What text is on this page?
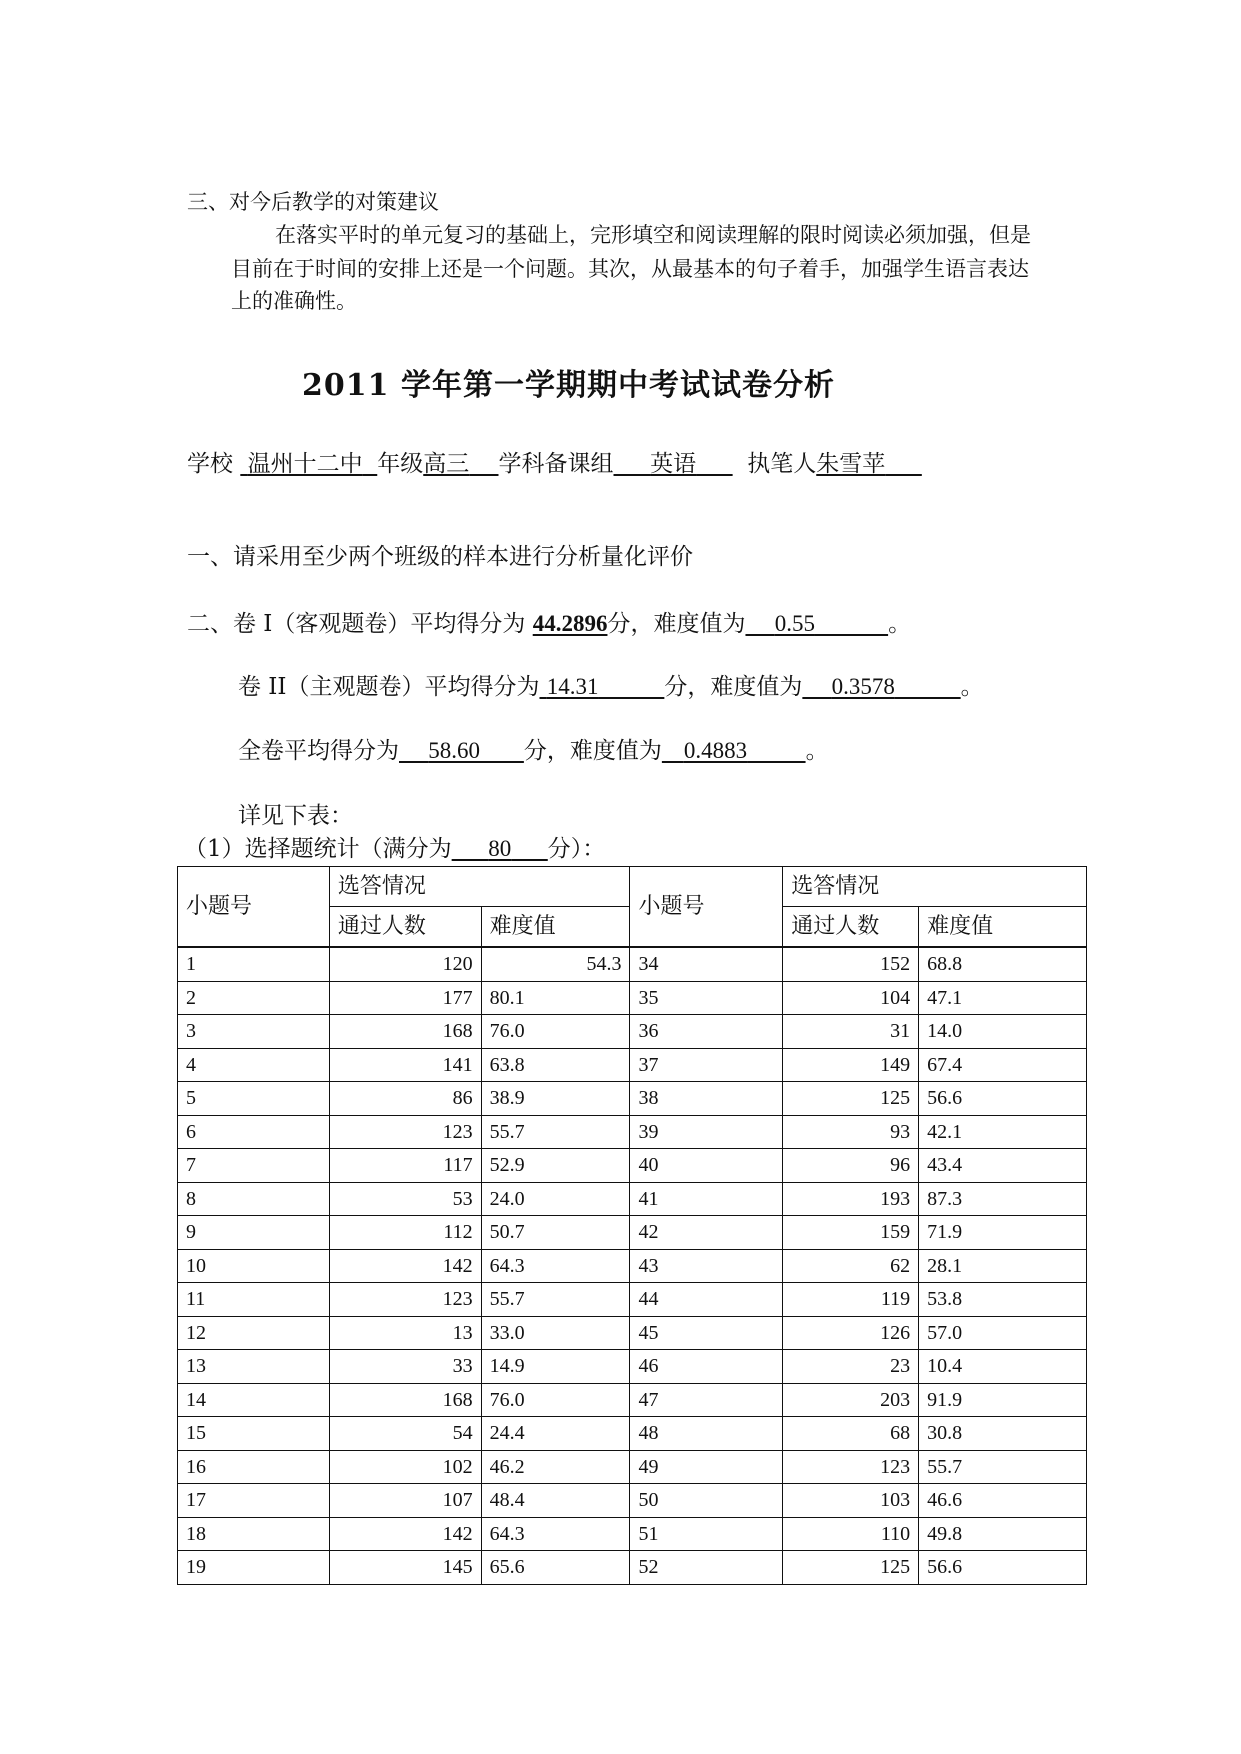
三、对今后教学的对策建议
在落实平时的单元复习的基础上，完形填空和阅读理解的限时阅读必须加强，但是
目前在于时间的安排上还是一个问题。其次，从最基本的句子着手，加强学生语言表达
上的准确性。
2011 学年第一学期期中考试试卷分析
学校 温州十二中 年级高三 学科备课组 英语 执笔人朱雪苹
一、请采用至少两个班级的样本进行分析量化评价
二、卷 I（客观题卷）平均得分为 44.2896分，难度值为 0.55	。
卷 II（主观题卷）平均得分为 14.31	分，难度值为 0.3578	。
全卷平均得分为 58.60 分，难度值为 0.4883	。
详见下表：
（1）选择题统计（满分为 80 分）：
小题号	选答情况		小题号	选答情况	
	通过人数	难度值		通过人数	难度值
1	120	54.3	34	152	68.8
2	177	80.1	35	104	47.1
3	168	76.0	36	31	14.0
4	141	63.8	37	149	67.4
5	86	38.9	38	125	56.6
6	123	55.7	39	93	42.1
7	117	52.9	40	96	43.4
8	53	24.0	41	193	87.3
9	112	50.7	42	159	71.9
10	142	64.3	43	62	28.1
11	123	55.7	44	119	53.8
12	13	33.0	45	126	57.0
13	33	14.9	46	23	10.4
14	168	76.0	47	203	91.9
15	54	24.4	48	68	30.8
16	102	46.2	49	123	55.7
17	107	48.4	50	103	46.6
18	142	64.3	51	110	49.8
19	145	65.6	52	125	56.6
